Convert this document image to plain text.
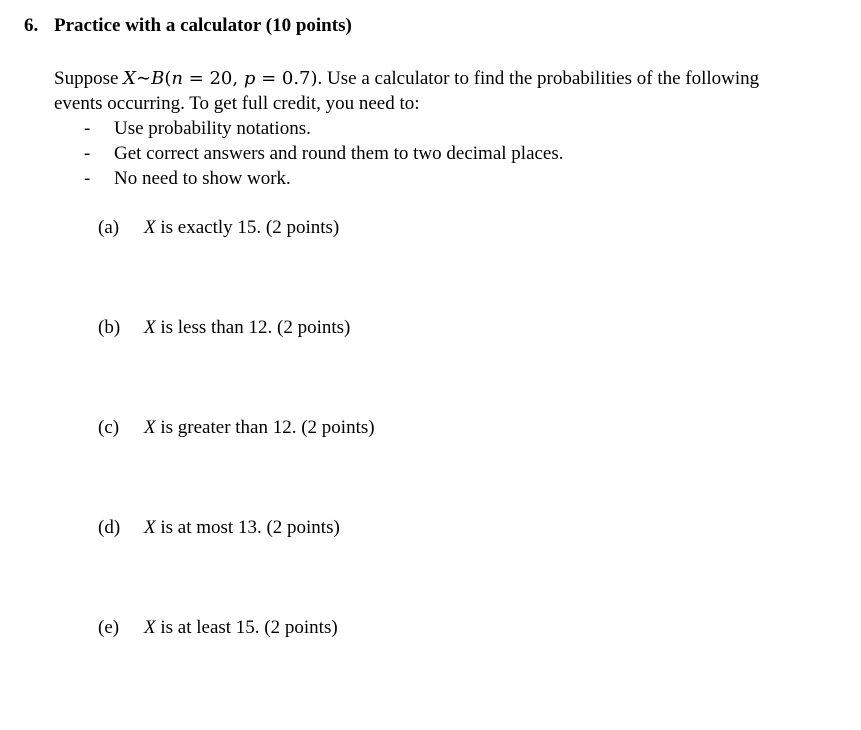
6. Practice with a calculator (10 points)
Suppose X∼B(n = 20, p = 0.7). Use a calculator to find the probabilities of the following
events occurring. To get full credit, you need to:
- Use probability notations.
- Get correct answers and round them to two decimal places.
- No need to show work.
(a) X is exactly 15. (2 points)
(b) X is less than 12. (2 points)
(c) X is greater than 12. (2 points)
(d) X is at most 13. (2 points)
(e) X is at least 15. (2 points)
